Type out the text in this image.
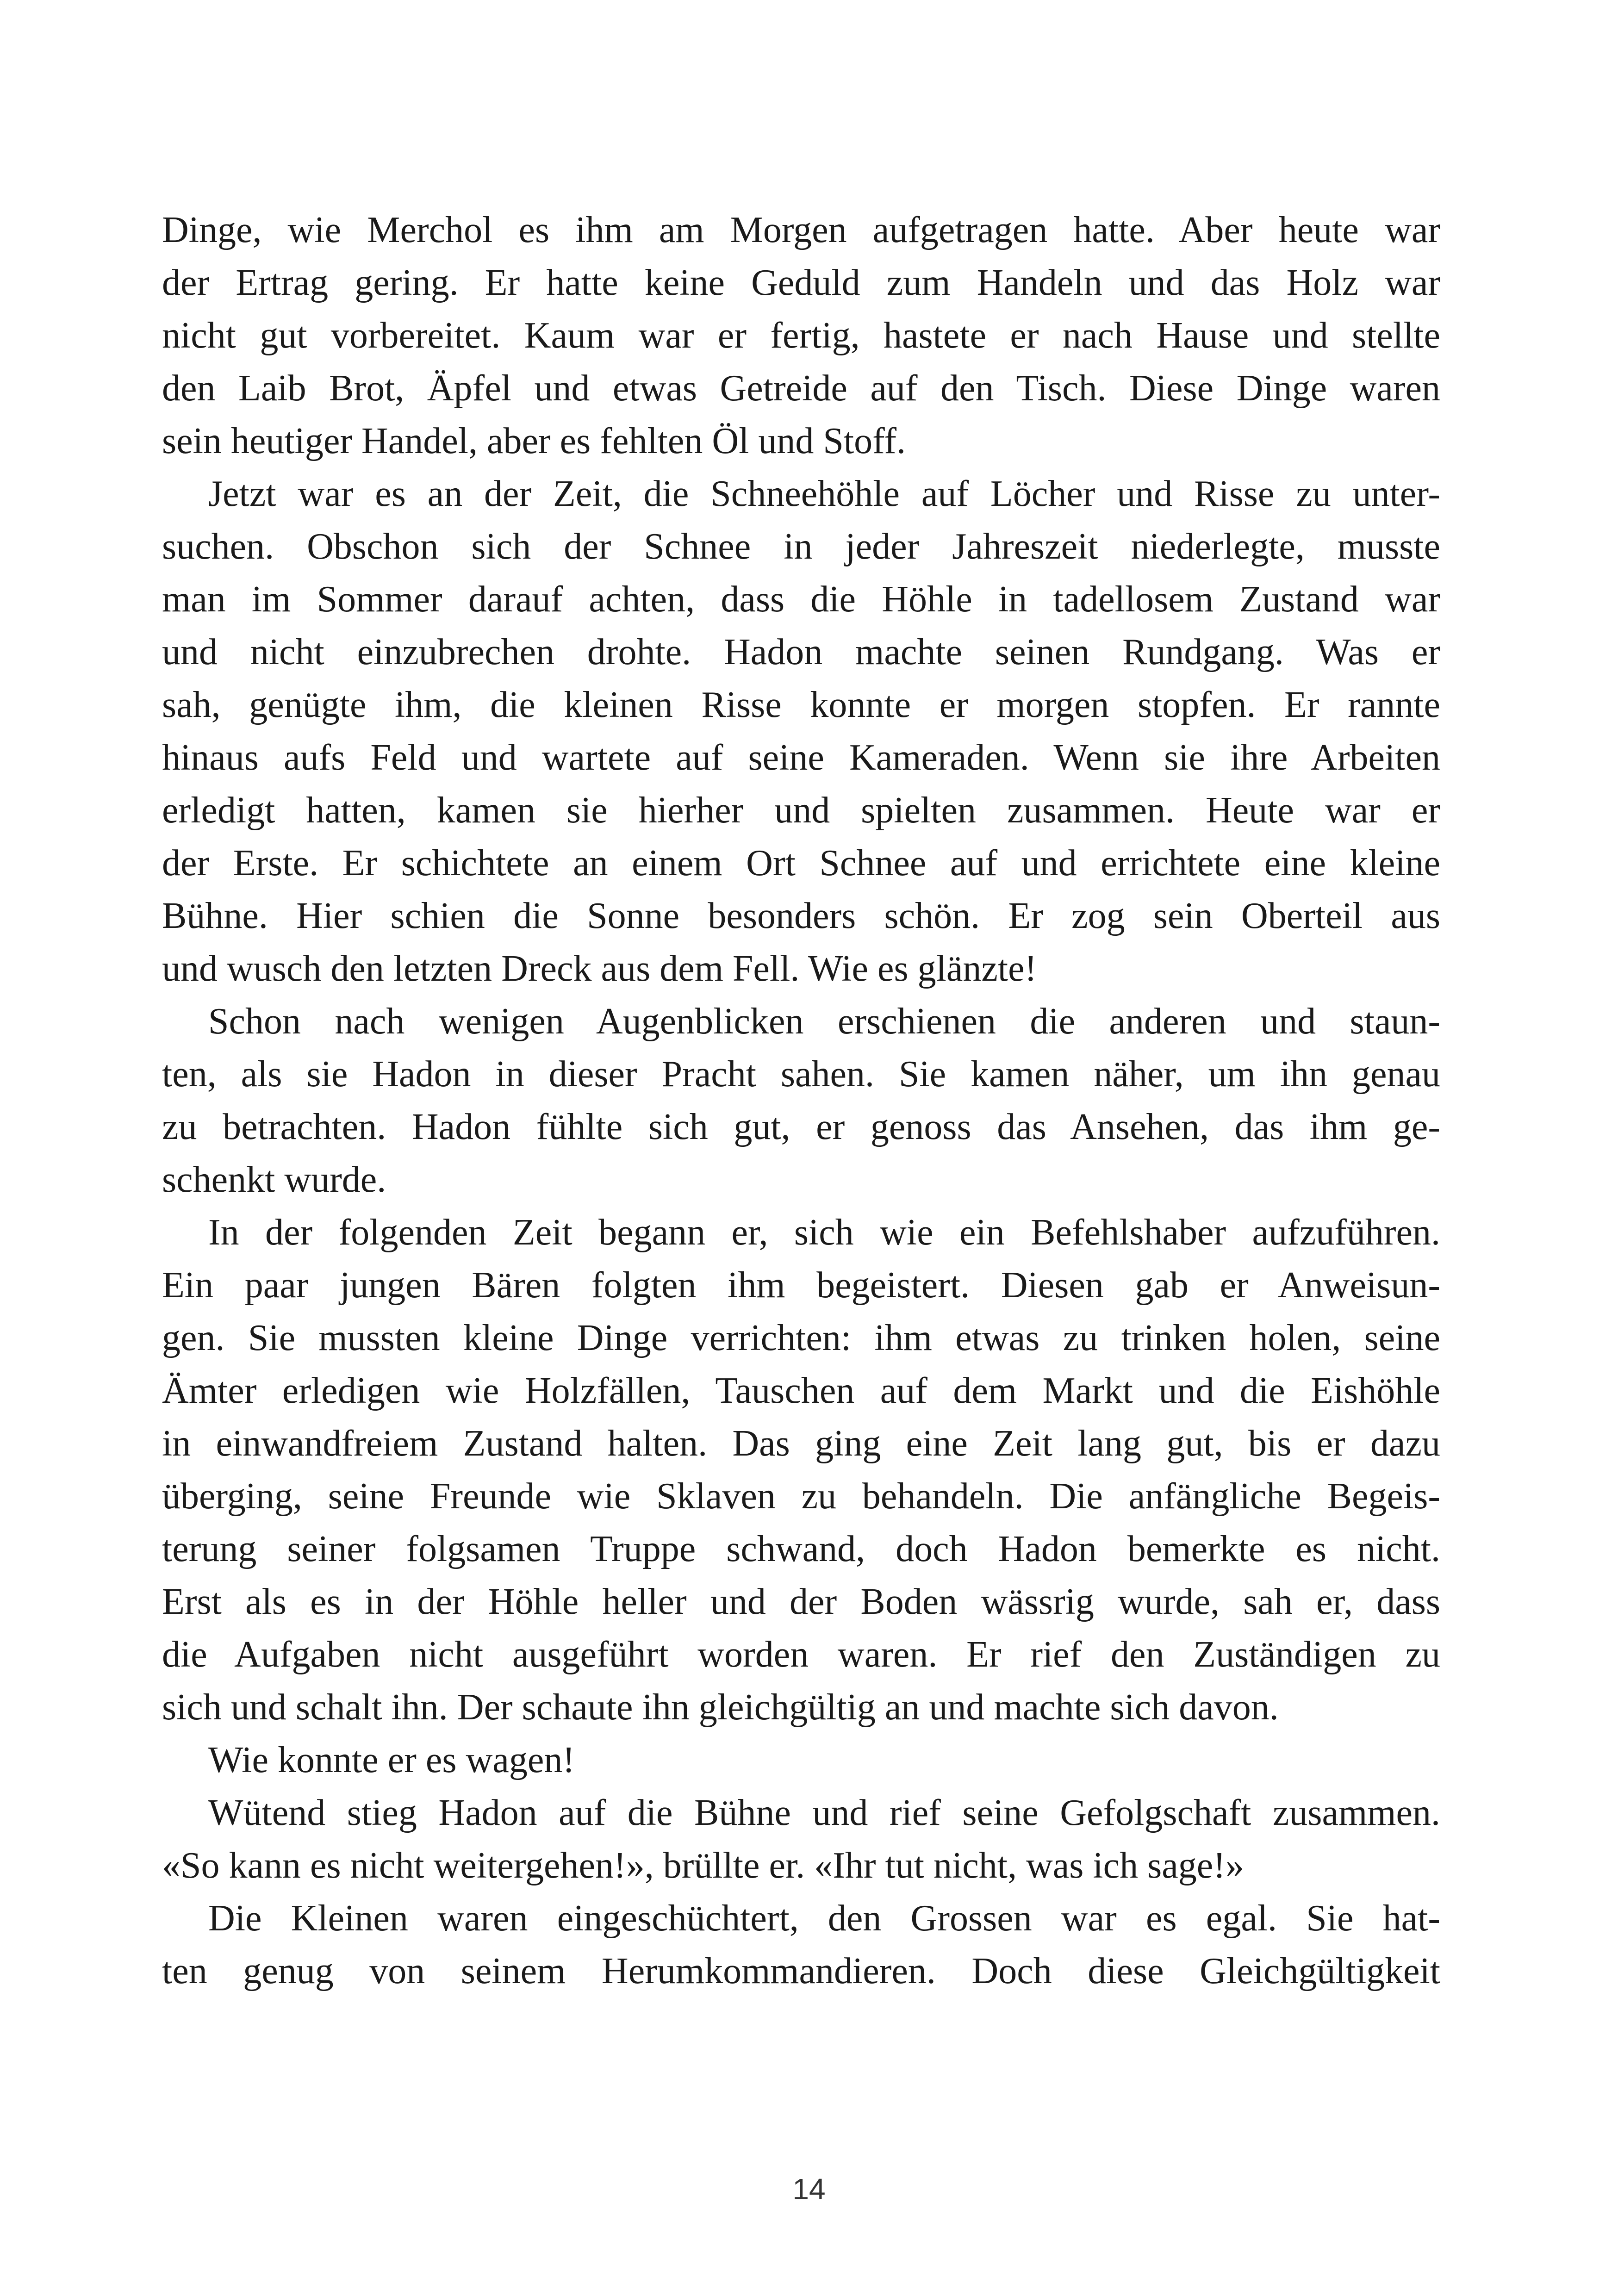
Dinge, wie Merchol es ihm am Morgen aufgetragen hatte. Aber heute war
der Ertrag gering. Er hatte keine Geduld zum Handeln und das Holz war
nicht gut vorbereitet. Kaum war er fertig, hastete er nach Hause und stellte
den Laib Brot, Äpfel und etwas Getreide auf den Tisch. Diese Dinge waren
sein heutiger Handel, aber es fehlten Öl und Stoff.
Jetzt war es an der Zeit, die Schneehöhle auf Löcher und Risse zu unter-
suchen. Obschon sich der Schnee in jeder Jahreszeit niederlegte, musste
man im Sommer darauf achten, dass die Höhle in tadellosem Zustand war
und nicht einzubrechen drohte. Hadon machte seinen Rundgang. Was er
sah, genügte ihm, die kleinen Risse konnte er morgen stopfen. Er rannte
hinaus aufs Feld und wartete auf seine Kameraden. Wenn sie ihre Arbeiten
erledigt hatten, kamen sie hierher und spielten zusammen. Heute war er
der Erste. Er schichtete an einem Ort Schnee auf und errichtete eine kleine
Bühne. Hier schien die Sonne besonders schön. Er zog sein Oberteil aus
und wusch den letzten Dreck aus dem Fell. Wie es glänzte!
Schon nach wenigen Augenblicken erschienen die anderen und staun-
ten, als sie Hadon in dieser Pracht sahen. Sie kamen näher, um ihn genau
zu betrachten. Hadon fühlte sich gut, er genoss das Ansehen, das ihm ge-
schenkt wurde.
In der folgenden Zeit begann er, sich wie ein Befehlshaber aufzuführen.
Ein paar jungen Bären folgten ihm begeistert. Diesen gab er Anweisun-
gen. Sie mussten kleine Dinge verrichten: ihm etwas zu trinken holen, seine
Ämter erledigen wie Holzfällen, Tauschen auf dem Markt und die Eishöhle
in einwandfreiem Zustand halten. Das ging eine Zeit lang gut, bis er dazu
überging, seine Freunde wie Sklaven zu behandeln. Die anfängliche Begeis-
terung seiner folgsamen Truppe schwand, doch Hadon bemerkte es nicht.
Erst als es in der Höhle heller und der Boden wässrig wurde, sah er, dass
die Aufgaben nicht ausgeführt worden waren. Er rief den Zuständigen zu
sich und schalt ihn. Der schaute ihn gleichgültig an und machte sich davon.
Wie konnte er es wagen!
Wütend stieg Hadon auf die Bühne und rief seine Gefolgschaft zusammen.
«So kann es nicht weitergehen!», brüllte er. «Ihr tut nicht, was ich sage!»
Die Kleinen waren eingeschüchtert, den Grossen war es egal. Sie hat-
ten genug von seinem Herumkommandieren. Doch diese Gleichgültigkeit
14
